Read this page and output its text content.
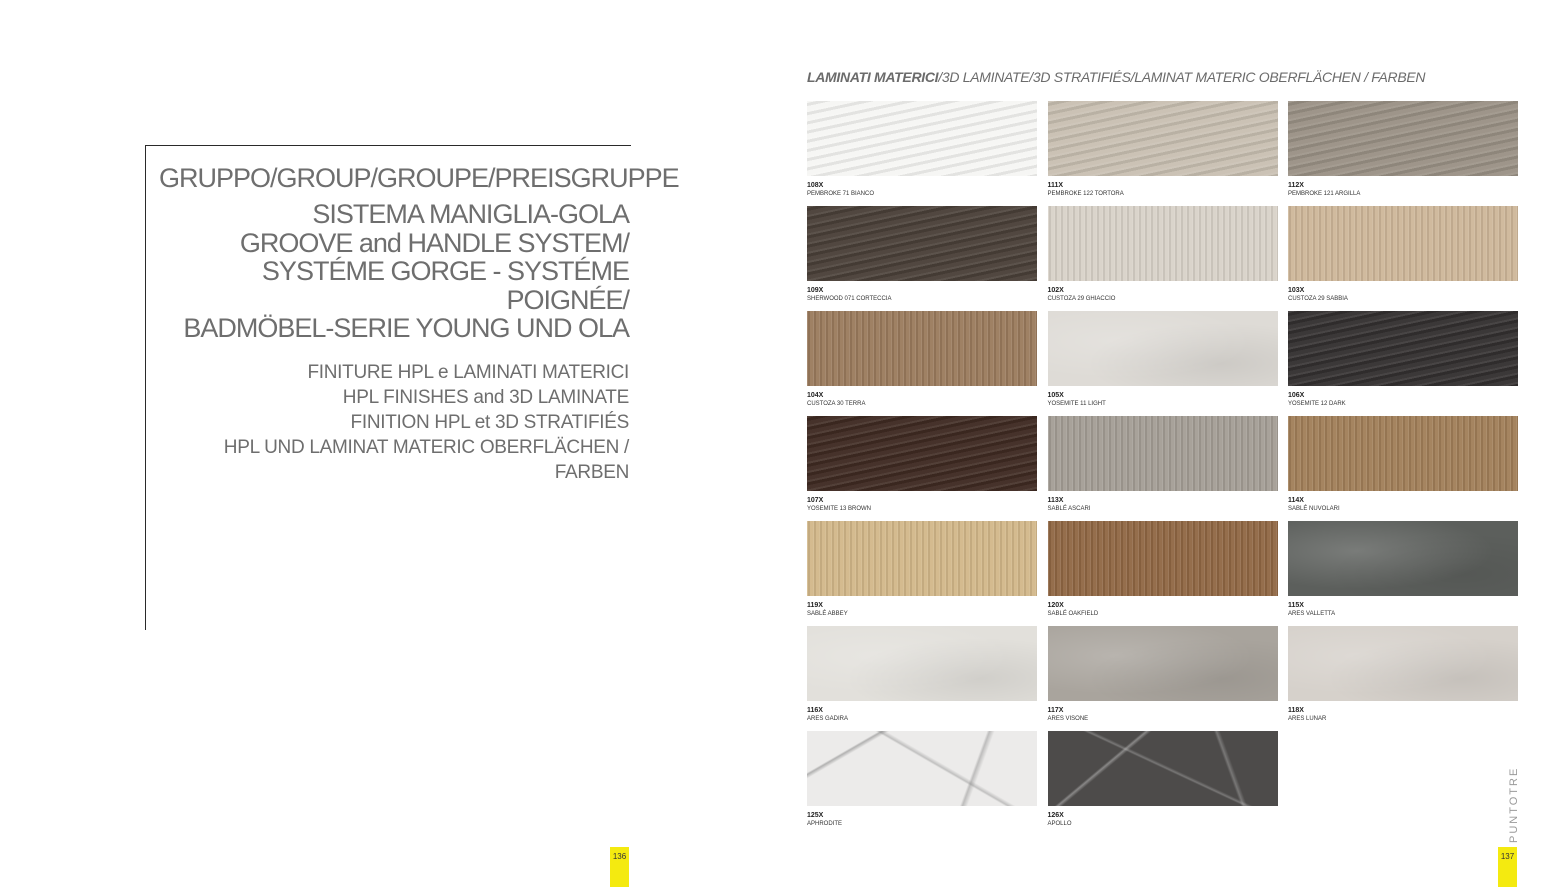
GRUPPO/GROUP/GROUPE/PREISGRUPPE
SISTEMA MANIGLIA-GOLA
GROOVE and HANDLE SYSTEM/
SYSTÉME GORGE - SYSTÉME POIGNÉE/
BADMÖBEL-SERIE YOUNG UND OLA
FINITURE HPL e LAMINATI MATERICI
HPL FINISHES and 3D LAMINATE
FINITION HPL et 3D STRATIFIÉS
HPL UND LAMINAT MATERIC OBERFLÄCHEN / FARBEN
136
LAMINATI MATERICI/3D LAMINATE/3D STRATIFIÉS/LAMINAT MATERIC OBERFLÄCHEN / FARBEN
108X
PEMBROKE 71 BIANCO
111X
PEMBROKE 122 TORTORA
112X
PEMBROKE 121 ARGILLA
109X
SHERWOOD 071 CORTECCIA
102X
CUSTOZA 29 GHIACCIO
103X
CUSTOZA 29 SABBIA
104X
CUSTOZA 30 TERRA
105X
YOSEMITE 11 LIGHT
106X
YOSEMITE 12 DARK
107X
YOSEMITE 13 BROWN
113X
SABLÉ ASCARI
114X
SABLÉ NUVOLARI
119X
SABLÉ ABBEY
120X
SABLÉ OAKFIELD
115X
ARES VALLETTA
116X
ARES GADIRA
117X
ARES VISONE
118X
ARES LUNAR
125X
APHRODITE
126X
APOLLO	PUNTOTRE
137
